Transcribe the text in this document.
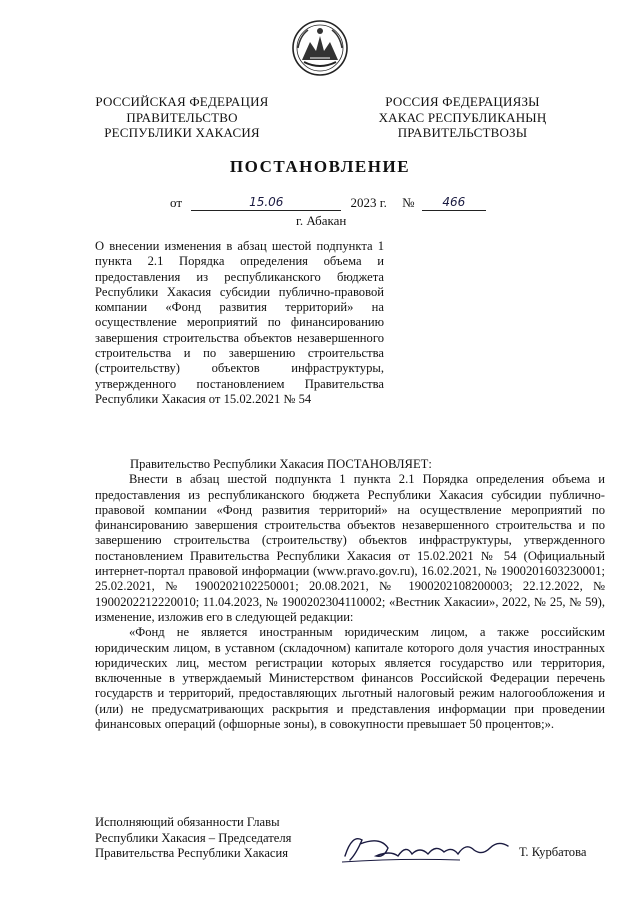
РОССИЙСКАЯ ФЕДЕРАЦИЯ
ПРАВИТЕЛЬСТВО
РЕСПУБЛИКИ ХАКАСИЯ
РОССИЯ ФЕДЕРАЦИЯЗЫ
ХАКАС РЕСПУБЛИКАНЫҢ
ПРАВИТЕЛЬСТВОЗЫ
ПОСТАНОВЛЕНИЕ
от	15.06	2023 г. № 466
г. Абакан
О внесении изменения в абзац шестой подпункта 1 пункта 2.1 Порядка определения объема и предоставления из республиканского бюджета Республики Хакасия субсидии публично-правовой компании «Фонд развития территорий» на осуществление мероприятий по финансированию завершения строительства объектов незавершенного строительства и по завершению строительства (строительству) объектов инфраструктуры, утвержденного постановлением Правительства Республики Хакасия от 15.02.2021 № 54

Правительство Республики Хакасия ПОСТАНОВЛЯЕТ:

Внести в абзац шестой подпункта 1 пункта 2.1 Порядка определения объема и предоставления из республиканского бюджета Республики Хакасия субсидии публично-правовой компании «Фонд развития территорий» на осуществление мероприятий по финансированию завершения строительства объектов незавершенного строительства и по завершению строительства (строительству) объектов инфраструктуры, утвержденного постановлением Правительства Республики Хакасия от 15.02.2021 № 54 (Официальный интернет-портал правовой информации (www.pravo.gov.ru), 16.02.2021, № 1900201603230001; 25.02.2021, № 1900202102250001; 20.08.2021, № 1900202108200003; 22.12.2022, № 1900202212220010; 11.04.2023, № 1900202304110002; «Вестник Хакасии», 2022, № 25, № 59), изменение, изложив его в следующей редакции:

«Фонд не является иностранным юридическим лицом, а также российским юридическим лицом, в уставном (складочном) капитале которого доля участия иностранных юридических лиц, местом регистрации которых является государство или территория, включенные в утверждаемый Министерством финансов Российской Федерации перечень государств и территорий, предоставляющих льготный налоговый режим налогообложения и (или) не предусматривающих раскрытия и представления информации при проведении финансовых операций (офшорные зоны), в совокупности превышает 50 процентов;».

Исполняющий обязанности Главы
Республики Хакасия – Председателя
Правительства Республики Хакасия	Т. Курбатова
